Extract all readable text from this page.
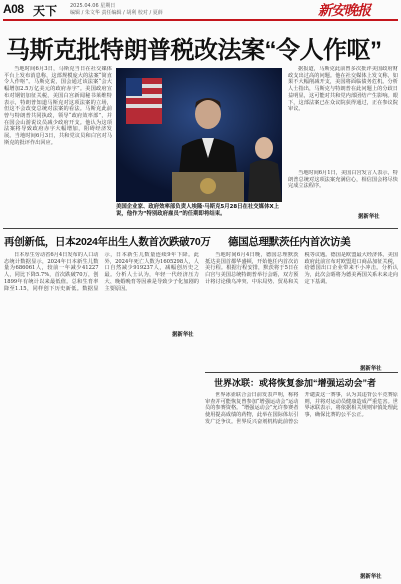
A08 天下	2025.04.06 星期日
编辑 / 朱文华 责任编辑 / 胡利 校对 / 夏薛	新安晚报
马斯克批特朗普税改法案“令人作呕”

当地时间6月3日，马斯克当日在社交媒体平台上发布消息称，这部规模庞大的法案“简直令人作呕”。马斯克说，国会通过该法案“会大幅增加2.5万亿美元的政府赤字”。美国政府宣布对钢铝加征关税，美国白宫新闻秘书莱维特表示，特朗普知道马斯克对这项法案的立场，但这不会改变总统对法案的看法。马斯克此前曾与特朗普共同执政，领导“政府效率部”，并在国会山游说议员减少政府开支。他认为这项法案将导致政府赤字大幅增加，阻碍经济发展。当地时间6月3日，共和党议员和白宫对马斯克的批评作出回应。

美国企业家、政府效率部负责人埃隆·马斯克5月28日在社交媒体X上说，他作为“特别政府雇员”的任期即将结束。

据报道，马斯克此前曾多次批评美国政府财政支出过高的问题。他在社交媒体上发文称，如果不大幅削减开支，美国将面临债务危机。分析人士指出，马斯克与特朗普在此问题上的分歧日益明显，这可能对共和党内部团结产生影响。眼下，这部法案已在众议院获得通过，正在参议院审议。

当地时间6月1日，美国白宫发言人表示，特朗普总统对这项法案充满信心，相信国会将尽快完成立法程序。

据新华社
再创新低，日本2024年出生人数首次跌破70万

日本厚生劳动省6月4日发布的人口动态统计数据显示，2024年日本新生儿数量为686061人，较前一年减少41227人，同比下降5.7%，首次跌破70万，创1899年有统计以来最低值。总和生育率降至1.15，同样创下历史新低。数据显示，日本新生儿数量连续9年下降。此外，2024年死亡人数为1605298人，人口自然减少919237人，减幅创历史之最。分析人士认为，年轻一代经济压力大、晚婚晚育等因素是导致少子化加剧的主要原因。

据新华社
德国总理默茨任内首次访美

当地时间6月4日晚，德国总理默茨抵达美国首都华盛顿，开始他任内首次访美行程。根据行程安排，默茨将于5日在白宫与美国总统特朗普举行会晤，双方预计将讨论俄乌冲突、中东局势、贸易和关税等议题。德国是欧盟最大经济体，美国政府此前宣布对欧盟进口商品加征关税，给德国出口企业带来不小冲击。分析认为，此次会晤将为德美两国关系未来走向定下基调。

据新华社
世界冰联：或将恢复参加“增强运动会”者

世界冰壶联合会日前发表声明，称将审查并可能恢复曾参加“增强运动会”运动员的参赛资格。“增强运动会”允许参赛者使用提高成绩的药物，此举在国际体坛引发广泛争议。世界反兴奋剂机构此前曾公开谴责这一赛事，认为其违背公平竞赛原则，并将对运动员健康造成严重危害。世界冰联表示，将依据相关规则审慎处理此事，确保比赛的公平公正。

据新华社
